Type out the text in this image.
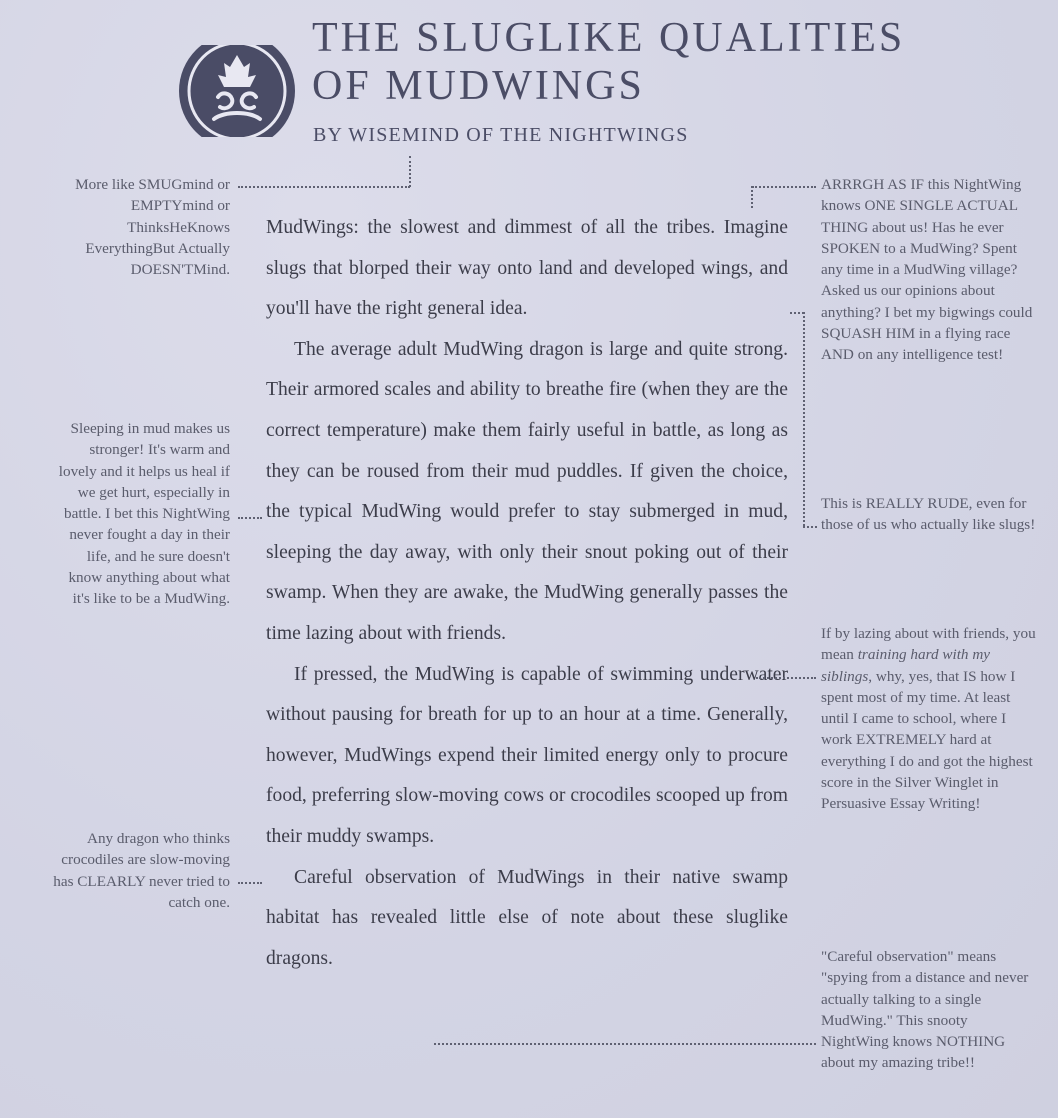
THE SLUGLIKE QUALITIES
OF MUDWINGS
BY WISEMIND OF THE NIGHTWINGS

MudWings: the slowest and dimmest of all the tribes. Imagine slugs that blorped their way onto land and developed wings, and you'll have the right general idea.

The average adult MudWing dragon is large and quite strong. Their armored scales and ability to breathe fire (when they are the correct temperature) make them fairly useful in battle, as long as they can be roused from their mud puddles. If given the choice, the typical MudWing would prefer to stay submerged in mud, sleeping the day away, with only their snout poking out of their swamp. When they are awake, the MudWing generally passes the time lazing about with friends.

If pressed, the MudWing is capable of swimming underwater without pausing for breath for up to an hour at a time. Generally, however, MudWings expend their limited energy only to procure food, preferring slow-moving cows or crocodiles scooped up from their muddy swamps.

Careful observation of MudWings in their native swamp habitat has revealed little else of note about these sluglike dragons.

More like SMUGmind or EMPTYmind or ThinksHeKnows EverythingBut Actually DOESN'TMind.
Sleeping in mud makes us stronger! It's warm and lovely and it helps us heal if we get hurt, especially in battle. I bet this NightWing never fought a day in their life, and he sure doesn't know anything about what it's like to be a MudWing.
Any dragon who thinks crocodiles are slow-moving has CLEARLY never tried to catch one.
ARRRGH AS IF this NightWing knows ONE SINGLE ACTUAL THING about us! Has he ever SPOKEN to a MudWing? Spent any time in a MudWing village? Asked us our opinions about anything? I bet my bigwings could SQUASH HIM in a flying race AND on any intelligence test!
This is REALLY RUDE, even for those of us who actually like slugs!
If by lazing about with friends, you mean training hard with my siblings, why, yes, that IS how I spent most of my time. At least until I came to school, where I work EXTREMELY hard at everything I do and got the highest score in the Silver Winglet in Persuasive Essay Writing!
"Careful observation" means "spying from a distance and never actually talking to a single MudWing." This snooty NightWing knows NOTHING about my amazing tribe!!
